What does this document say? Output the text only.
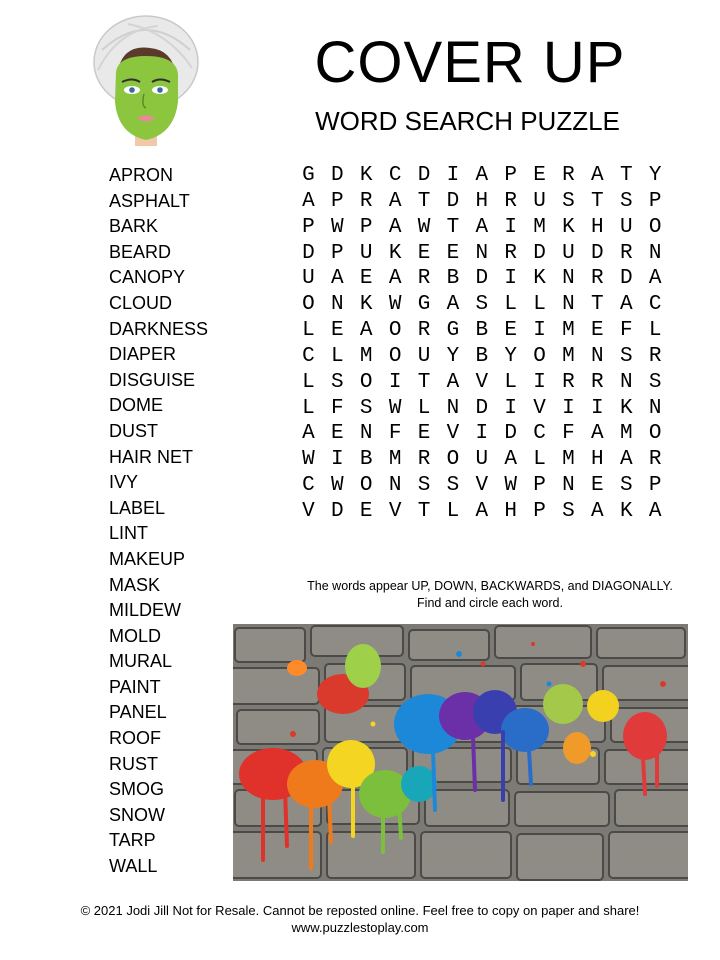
COVER UP
WORD SEARCH PUZZLE
APRON
ASPHALT
BARK
BEARD
CANOPY
CLOUD
DARKNESS
DIAPER
DISGUISE
DOME
DUST
HAIR NET
IVY
LABEL
LINT
MAKEUP
MASK
MILDEW
MOLD
MURAL
PAINT
PANEL
ROOF
RUST
SMOG
SNOW
TARP
WALL
G D K C D I A P E R A T Y
A P R A T D H R U S T S P
P W P A W T A I M K H U O
D P U K E E N R D U D R N
U A E A R B D I K N R D A
O N K W G A S L L N T A C
L E A O R G B E I M E F L
C L M O U Y B Y O M N S R
L S O I T A V L I R R N S
L F S W L N D I V I I K N
A E N F E V I D C F A M O
W I B M R O U A L M H A R
C W O N S S V W P N E S P
V D E V T L A H P S A K A
The words appear UP, DOWN, BACKWARDS, and DIAGONALLY.
Find and circle each word.
© 2021 Jodi Jill Not for Resale. Cannot be reposted online. Feel free to copy on paper and share!
www.puzzlestoplay.com
